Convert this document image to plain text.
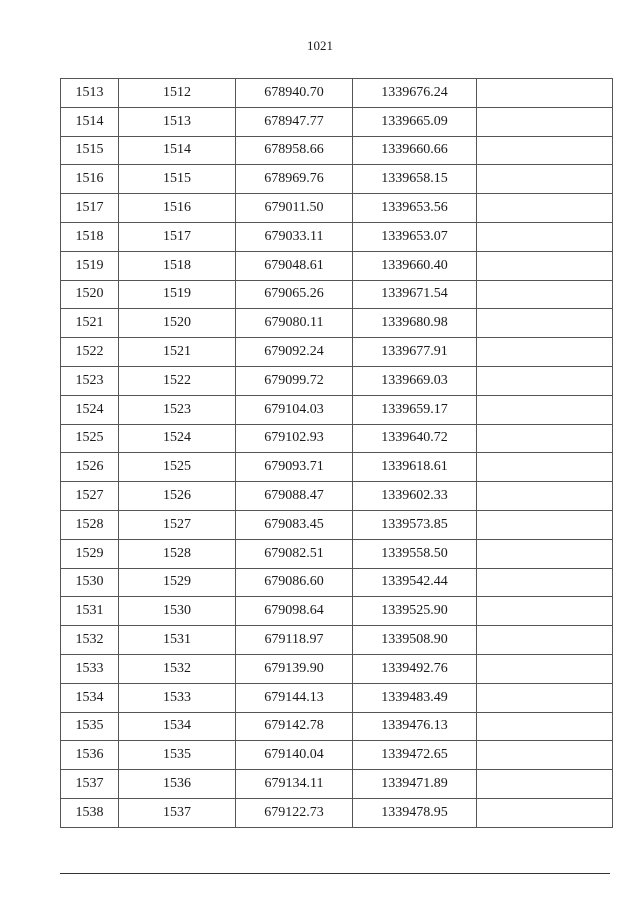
1021
1513	1512	678940.70	1339676.24	
1514	1513	678947.77	1339665.09	
1515	1514	678958.66	1339660.66	
1516	1515	678969.76	1339658.15	
1517	1516	679011.50	1339653.56	
1518	1517	679033.11	1339653.07	
1519	1518	679048.61	1339660.40	
1520	1519	679065.26	1339671.54	
1521	1520	679080.11	1339680.98	
1522	1521	679092.24	1339677.91	
1523	1522	679099.72	1339669.03	
1524	1523	679104.03	1339659.17	
1525	1524	679102.93	1339640.72	
1526	1525	679093.71	1339618.61	
1527	1526	679088.47	1339602.33	
1528	1527	679083.45	1339573.85	
1529	1528	679082.51	1339558.50	
1530	1529	679086.60	1339542.44	
1531	1530	679098.64	1339525.90	
1532	1531	679118.97	1339508.90	
1533	1532	679139.90	1339492.76	
1534	1533	679144.13	1339483.49	
1535	1534	679142.78	1339476.13	
1536	1535	679140.04	1339472.65	
1537	1536	679134.11	1339471.89	
1538	1537	679122.73	1339478.95	
